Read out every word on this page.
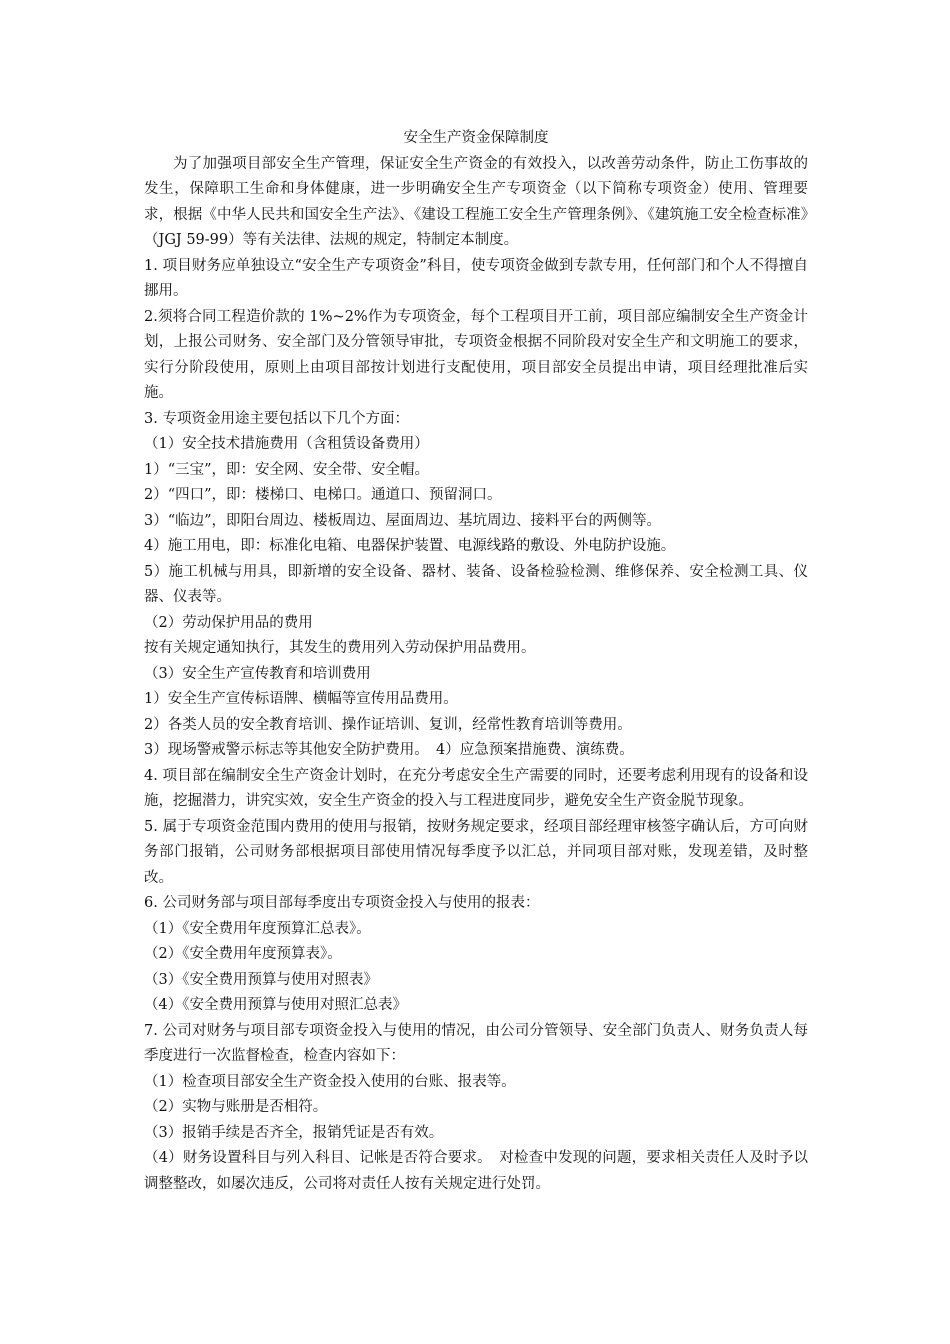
安全生产资金保障制度

为了加强项目部安全生产管理，保证安全生产资金的有效投入，以改善劳动条件，防止工伤事故的发生，保障职工生命和身体健康，进一步明确安全生产专项资金（以下简称专项资金）使用、管理要求，根据《中华人民共和国安全生产法》、《建设工程施工安全生产管理条例》、《建筑施工安全检查标准》（JGJ 59-99）等有关法律、法规的规定，特制定本制度。

1. 项目财务应单独设立“安全生产专项资金”科目，使专项资金做到专款专用，任何部门和个人不得擅自挪用。

2.须将合同工程造价款的 1%~2%作为专项资金，每个工程项目开工前，项目部应编制安全生产资金计划，上报公司财务、安全部门及分管领导审批，专项资金根据不同阶段对安全生产和文明施工的要求，实行分阶段使用，原则上由项目部按计划进行支配使用，项目部安全员提出申请，项目经理批准后实施。

3. 专项资金用途主要包括以下几个方面：

（1）安全技术措施费用（含租赁设备费用）

1）“三宝”，即：安全网、安全带、安全帽。

2）“四口”，即：楼梯口、电梯口。通道口、预留洞口。

3）“临边”，即阳台周边、楼板周边、屋面周边、基坑周边、接料平台的两侧等。

4）施工用电，即：标准化电箱、电器保护装置、电源线路的敷设、外电防护设施。

5）施工机械与用具，即新增的安全设备、器材、装备、设备检验检测、维修保养、安全检测工具、仪器、仪表等。

（2）劳动保护用品的费用

按有关规定通知执行，其发生的费用列入劳动保护用品费用。

（3）安全生产宣传教育和培训费用

1）安全生产宣传标语牌、横幅等宣传用品费用。

2）各类人员的安全教育培训、操作证培训、复训，经常性教育培训等费用。

3）现场警戒警示标志等其他安全防护费用。　4）应急预案措施费、演练费。

4. 项目部在编制安全生产资金计划时，在充分考虑安全生产需要的同时，还要考虑利用现有的设备和设施，挖掘潜力，讲究实效，安全生产资金的投入与工程进度同步，避免安全生产资金脱节现象。

5. 属于专项资金范围内费用的使用与报销，按财务规定要求，经项目部经理审核签字确认后，方可向财务部门报销，公司财务部根据项目部使用情况每季度予以汇总，并同项目部对账，发现差错，及时整改。

6. 公司财务部与项目部每季度出专项资金投入与使用的报表：

（1）《安全费用年度预算汇总表》。

（2）《安全费用年度预算表》。

（3）《安全费用预算与使用对照表》

（4）《安全费用预算与使用对照汇总表》

7. 公司对财务与项目部专项资金投入与使用的情况，由公司分管领导、安全部门负责人、财务负责人每季度进行一次监督检查，检查内容如下：

（1）检查项目部安全生产资金投入使用的台账、报表等。

（2）实物与账册是否相符。

（3）报销手续是否齐全，报销凭证是否有效。

（4）财务设置科目与列入科目、记帐是否符合要求。　对检查中发现的问题，要求相关责任人及时予以调整整改，如屡次违反，公司将对责任人按有关规定进行处罚。
